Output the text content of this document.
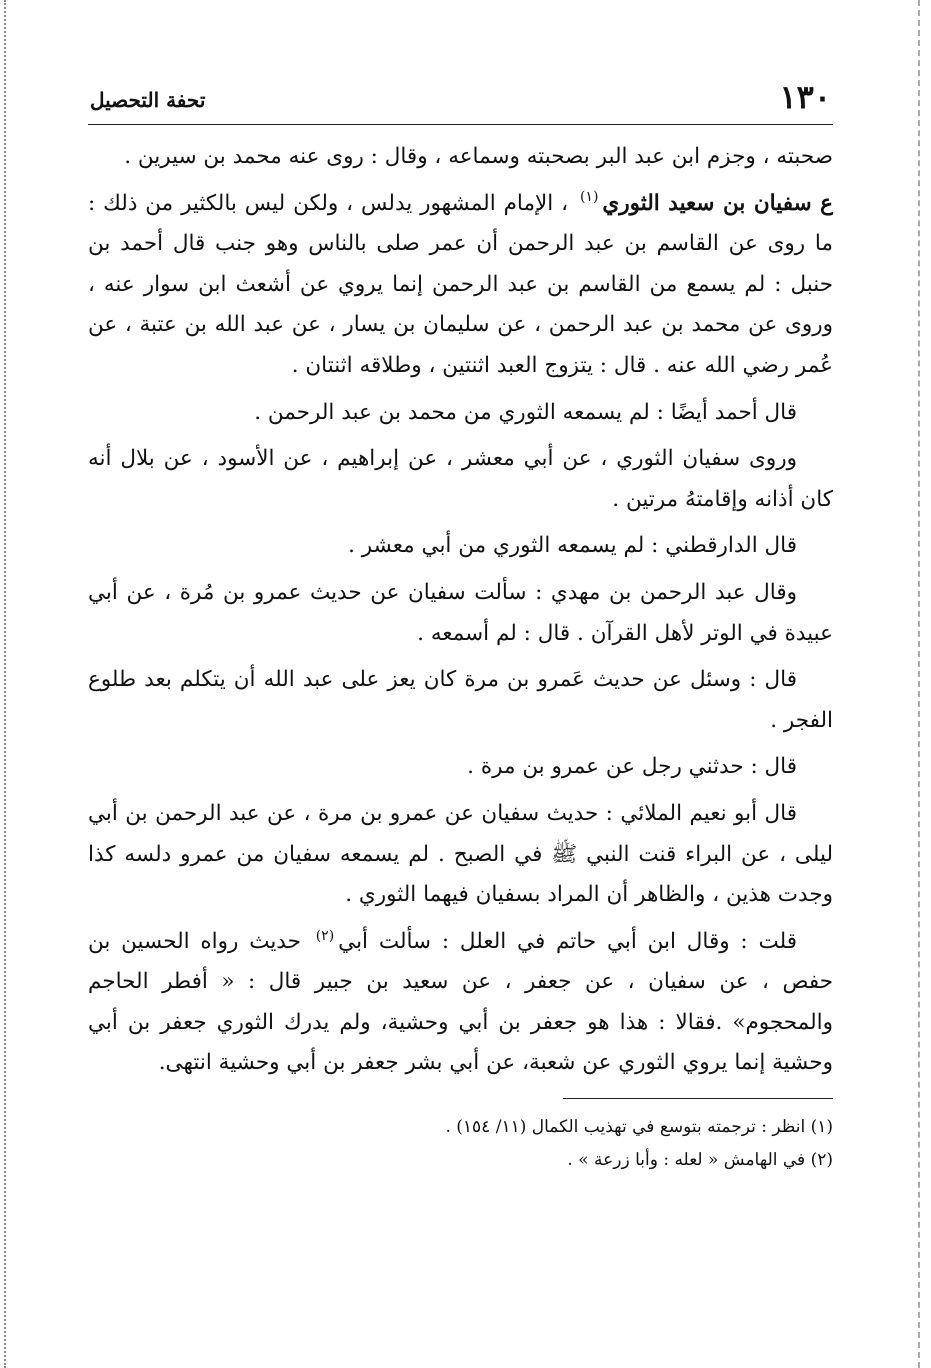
١٣٠
تحفة التحصيل

صحبته ، وجزم ابن عبد البر بصحبته وسماعه ، وقال : روى عنه محمد بن سيرين .

ع سفيان بن سعيد الثوري$^{(١)}$ ، الإمام المشهور يدلس ، ولكن ليس بالكثير من ذلك : ما روى عن القاسم بن عبد الرحمن أن عمر صلى بالناس وهو جنب قال أحمد بن حنبل : لم يسمع من القاسم بن عبد الرحمن إنما يروي عن أشعث ابن سوار عنه ، وروى عن محمد بن عبد الرحمن ، عن سليمان بن يسار ، عن عبد الله بن عتبة ، عن عُمر رضي الله عنه . قال : يتزوج العبد اثنتين ، وطلاقه اثنتان .

قال أحمد أيضًا : لم يسمعه الثوري من محمد بن عبد الرحمن .

وروى سفيان الثوري ، عن أبي معشر ، عن إبراهيم ، عن الأسود ، عن بلال أنه كان أذانه وإقامتهُ مرتين .

قال الدارقطني : لم يسمعه الثوري من أبي معشر .

وقال عبد الرحمن بن مهدي : سألت سفيان عن حديث عمرو بن مُرة ، عن أبي عبيدة في الوتر لأهل القرآن . قال : لم أسمعه .

قال : وسئل عن حديث عَمرو بن مرة كان يعز على عبد الله أن يتكلم بعد طلوع الفجر .

قال : حدثني رجل عن عمرو بن مرة .

قال أبو نعيم الملائي : حديث سفيان عن عمرو بن مرة ، عن عبد الرحمن بن أبي ليلى ، عن البراء قنت النبي ﷺ في الصبح . لم يسمعه سفيان من عمرو دلسه كذا وجدت هذين ، والظاهر أن المراد بسفيان فيهما الثوري .

قلت : وقال ابن أبي حاتم في العلل : سألت أبي$^{(٢)}$ حديث رواه الحسين بن حفص ، عن سفيان ، عن جعفر ، عن سعيد بن جبير قال : « أفطر الحاجم والمحجوم» .فقالا : هذا هو جعفر بن أبي وحشية، ولم يدرك الثوري جعفر بن أبي وحشية إنما يروي الثوري عن شعبة، عن أبي بشر جعفر بن أبي وحشية انتهى.

(١) انظر : ترجمته بتوسع في تهذيب الكمال (١١/ ١٥٤) .

(٢) في الهامش « لعله : وأبا زرعة » .
